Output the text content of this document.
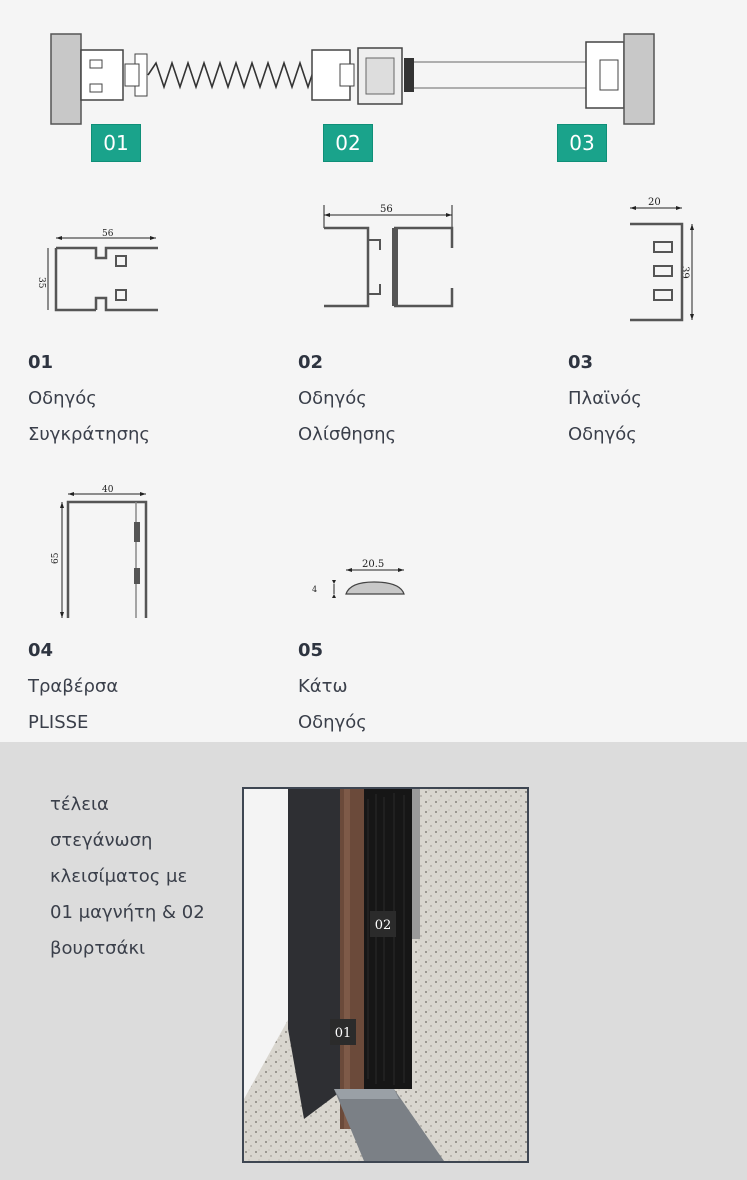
01	02	03
56
35
56
20
39
01
Οδηγός
Συγκράτησης
02
Οδηγός
Ολίσθησης
03
Πλαϊνός
Οδηγός
40
65
20.5
4
04
Τραβέρσα
PLISSE
05
Κάτω
Οδηγός
τέλεια
στεγάνωση
κλεισίματος με
01 μαγνήτη & 02
βουρτσάκι
01
02
